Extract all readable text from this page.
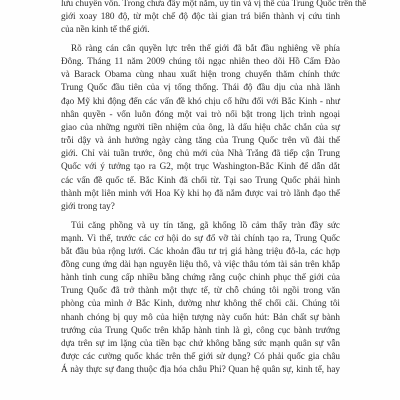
lưu chuyển vốn. Trong chưa đầy một năm, uy tín và vị thế của Trung Quốc trên thế
giới xoay 180 độ, từ một chế độ độc tài gian trá biến thành vị cứu tinh
của nền kinh tế thế giới.

Rõ ràng cán cân quyền lực trên thế giới đã bắt đầu nghiêng về phía
Đông. Tháng 11 năm 2009 chúng tôi ngạc nhiên theo dõi Hồ Cẩm Đào
và Barack Obama cùng nhau xuất hiện trong chuyến thăm chính thức
Trung Quốc đầu tiên của vị tổng thống. Thái độ đầu dịu của nhà lãnh
đạo Mỹ khi động đến các vấn đề khó chịu cố hữu đối với Bắc Kinh - như
nhân quyền - vốn luôn đóng một vai trò nổi bật trong lịch trình ngoại
giao của những người tiền nhiệm của ông, là dấu hiệu chắc chắn của sự
trỗi dậy và ảnh hưởng ngày càng tăng của Trung Quốc trên vũ đài thế
giới. Chỉ vài tuần trước, ông chủ mới của Nhà Trắng đã tiếp cận Trung
Quốc với ý tưởng tạo ra G2, một trục Washington-Bắc Kinh để dẫn dắt
các vấn đề quốc tế. Bắc Kinh đã chối từ. Tại sao Trung Quốc phải hình
thành một liên minh với Hoa Kỳ khi họ đã nắm được vai trò lãnh đạo thế
giới trong tay?

Túi căng phồng và uy tín tăng, gã khổng lồ cảm thấy tràn đầy sức
mạnh. Vì thế, trước các cơ hội do sự đổ vỡ tài chính tạo ra, Trung Quốc
bắt đầu bủa rộng lưới. Các khoản đầu tư trị giá hàng triệu đô-la, các hợp
đồng cung ứng dài hạn nguyên liệu thô, và việc thâu tóm tài sản trên khắp
hành tinh cung cấp nhiều bằng chứng rằng cuộc chinh phục thế giới của
Trung Quốc đã trở thành một thực tế, từ chỗ chúng tôi ngồi trong văn
phòng của mình ở Bắc Kinh, dường như không thể chối cãi. Chúng tôi
nhanh chóng bị quy mô của hiện tượng này cuốn hút: Bản chất sự bành
trướng của Trung Quốc trên khắp hành tinh là gì, công cục bành trướng
dựa trên sự im lặng của tiền bạc chứ không bằng sức mạnh quân sự vẫn
được các cường quốc khác trên thế giới sử dụng? Có phải quốc gia châu
Á này thực sự đang thuộc địa hóa châu Phi? Quan hệ quân sự, kinh tế, hay
